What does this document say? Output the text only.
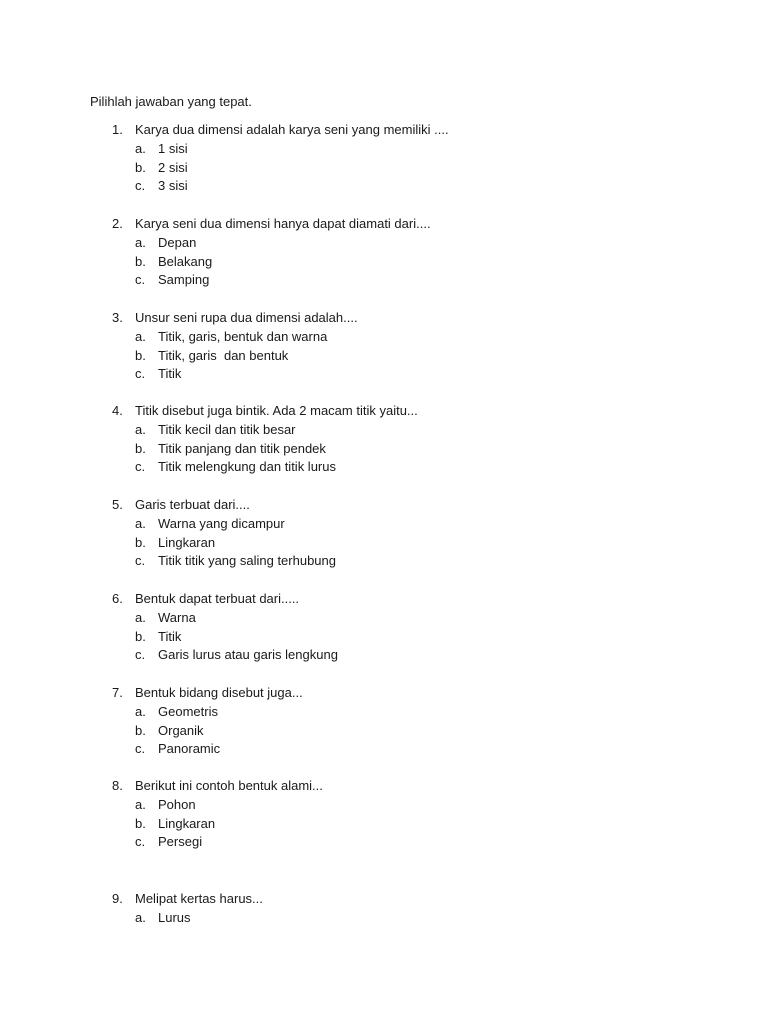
Pilihlah jawaban yang tepat.
1. Karya dua dimensi adalah karya seni yang memiliki ....
a. 1 sisi
b. 2 sisi
c. 3 sisi
2. Karya seni dua dimensi hanya dapat diamati dari....
a. Depan
b. Belakang
c. Samping
3. Unsur seni rupa dua dimensi adalah....
a. Titik, garis, bentuk dan warna
b. Titik, garis  dan bentuk
c. Titik
4. Titik disebut juga bintik. Ada 2 macam titik yaitu...
a. Titik kecil dan titik besar
b. Titik panjang dan titik pendek
c. Titik melengkung dan titik lurus
5. Garis terbuat dari....
a. Warna yang dicampur
b. Lingkaran
c. Titik titik yang saling terhubung
6. Bentuk dapat terbuat dari.....
a. Warna
b. Titik
c. Garis lurus atau garis lengkung
7. Bentuk bidang disebut juga...
a. Geometris
b. Organik
c. Panoramic
8. Berikut ini contoh bentuk alami...
a. Pohon
b. Lingkaran
c. Persegi
9. Melipat kertas harus...
a. Lurus
